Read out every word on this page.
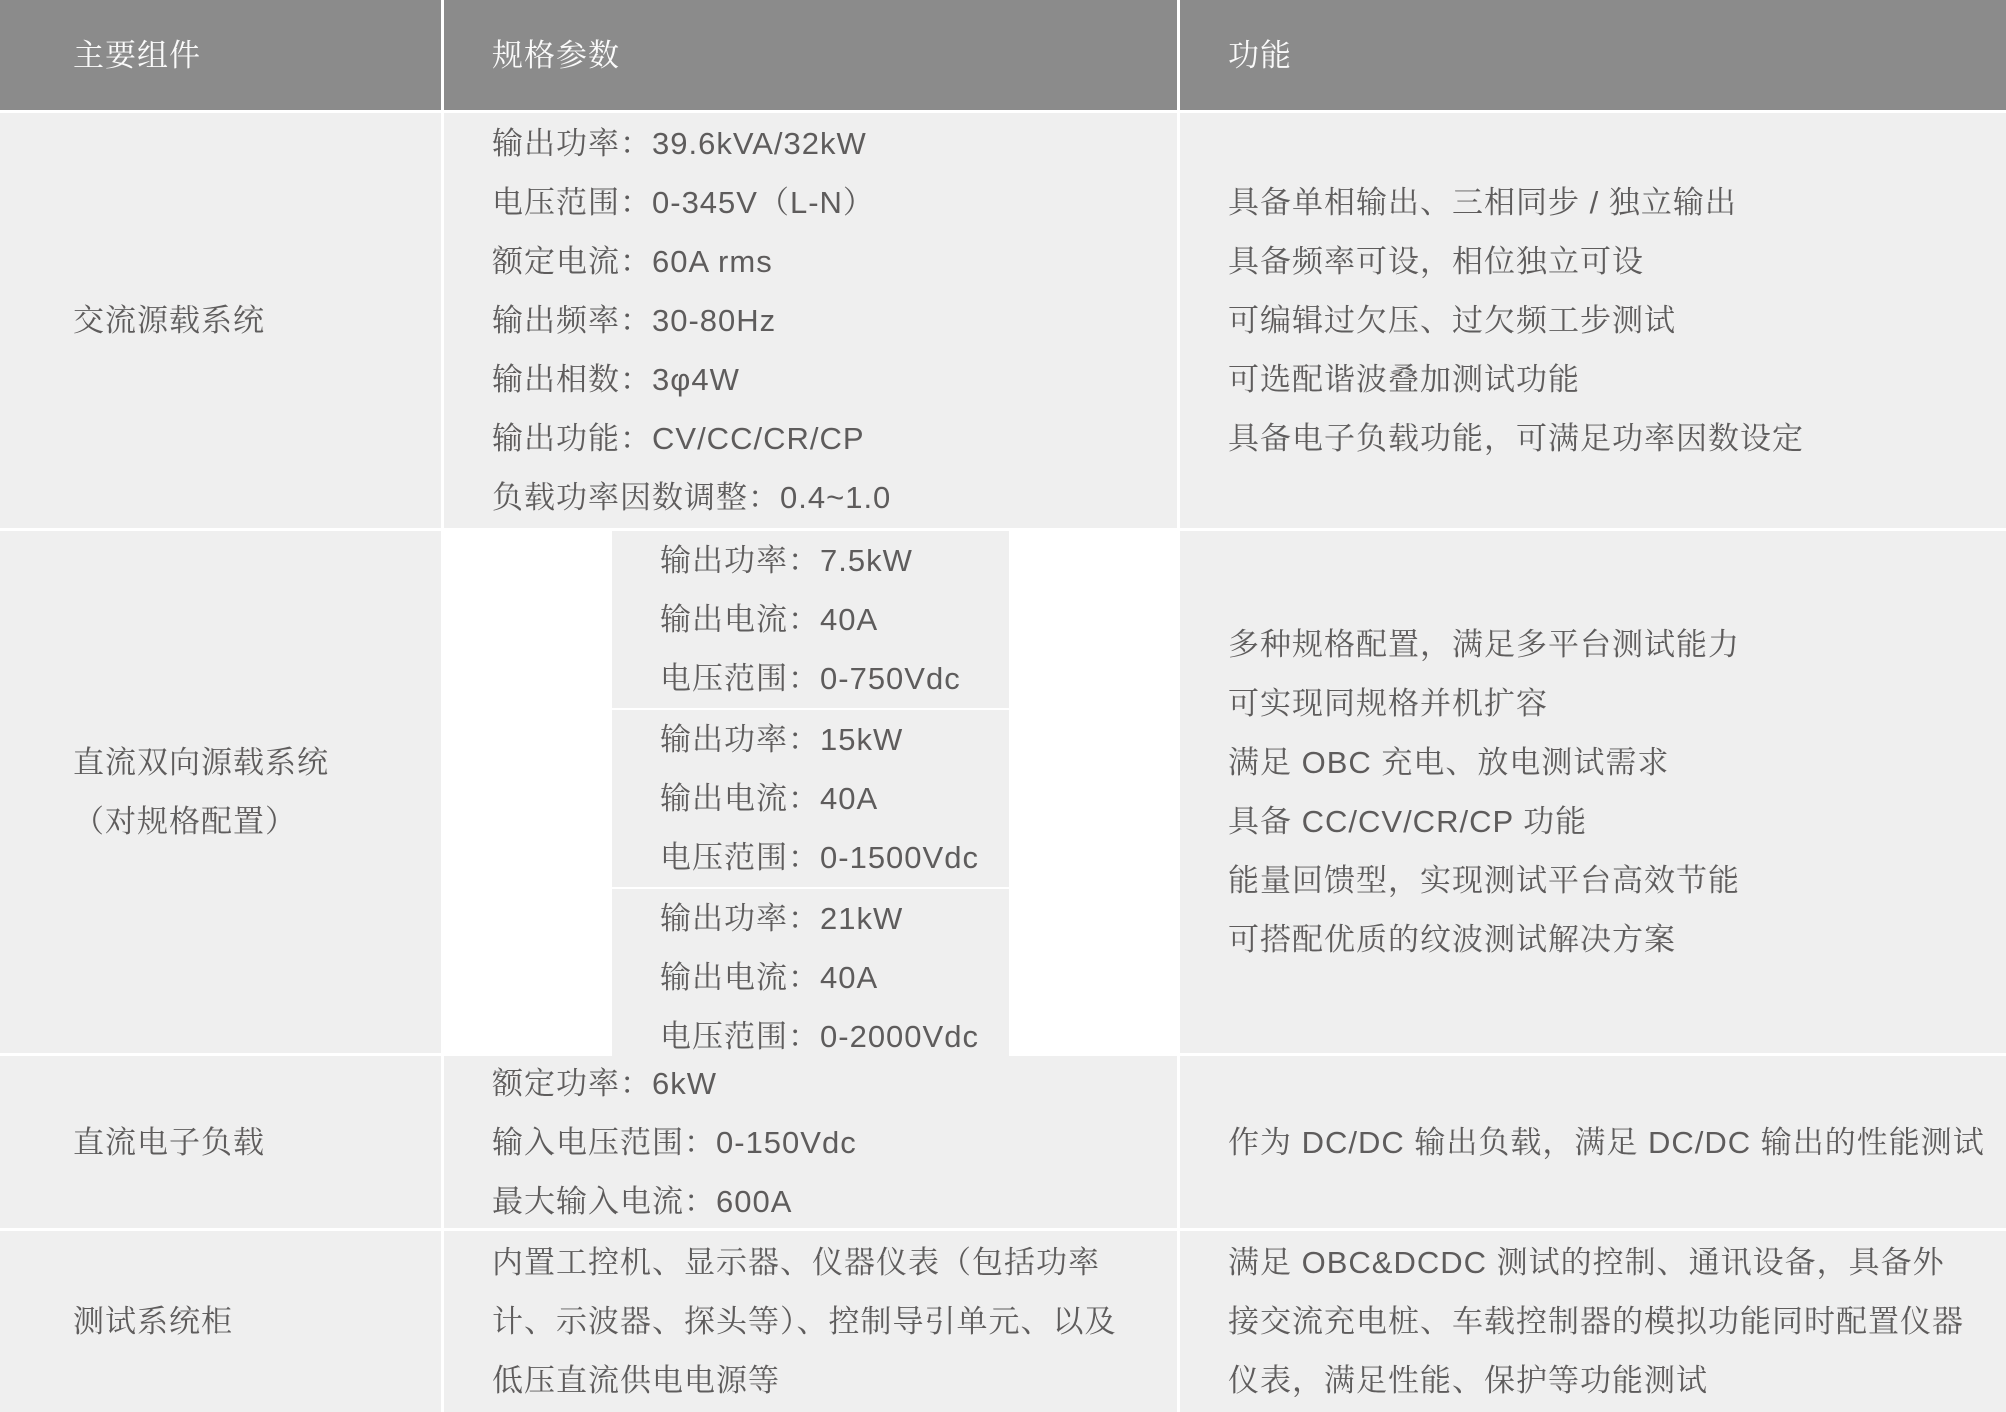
主要组件	规格参数	功能
交流源载系统
输出功率：39.6kVA/32kW
电压范围：0-345V（L-N）
额定电流：60A rms
输出频率：30-80Hz
输出相数：3φ4W
输出功能：CV/CC/CR/CP
负载功率因数调整：0.4~1.0
具备单相输出、三相同步 / 独立输出
具备频率可设，相位独立可设
可编辑过欠压、过欠频工步测试
可选配谐波叠加测试功能
具备电子负载功能，可满足功率因数设定
直流双向源载系统
（对规格配置）
输出功率：7.5kW
输出电流：40A
电压范围：0-750Vdc
输出功率：15kW
输出电流：40A
电压范围：0-1500Vdc
输出功率：21kW
输出电流：40A
电压范围：0-2000Vdc
多种规格配置，满足多平台测试能力
可实现同规格并机扩容
满足 OBC 充电、放电测试需求
具备 CC/CV/CR/CP 功能
能量回馈型，实现测试平台高效节能
可搭配优质的纹波测试解决方案
直流电子负载
额定功率：6kW
输入电压范围：0-150Vdc
最大输入电流：600A
作为 DC/DC 输出负载，满足 DC/DC 输出的性能测试
测试系统柜
内置工控机、显示器、仪器仪表（包括功率计、示波器、探头等）、控制导引单元、以及低压直流供电电源等
满足 OBC&DCDC 测试的控制、通讯设备，具备外接交流充电桩、车载控制器的模拟功能同时配置仪器仪表，满足性能、保护等功能测试
